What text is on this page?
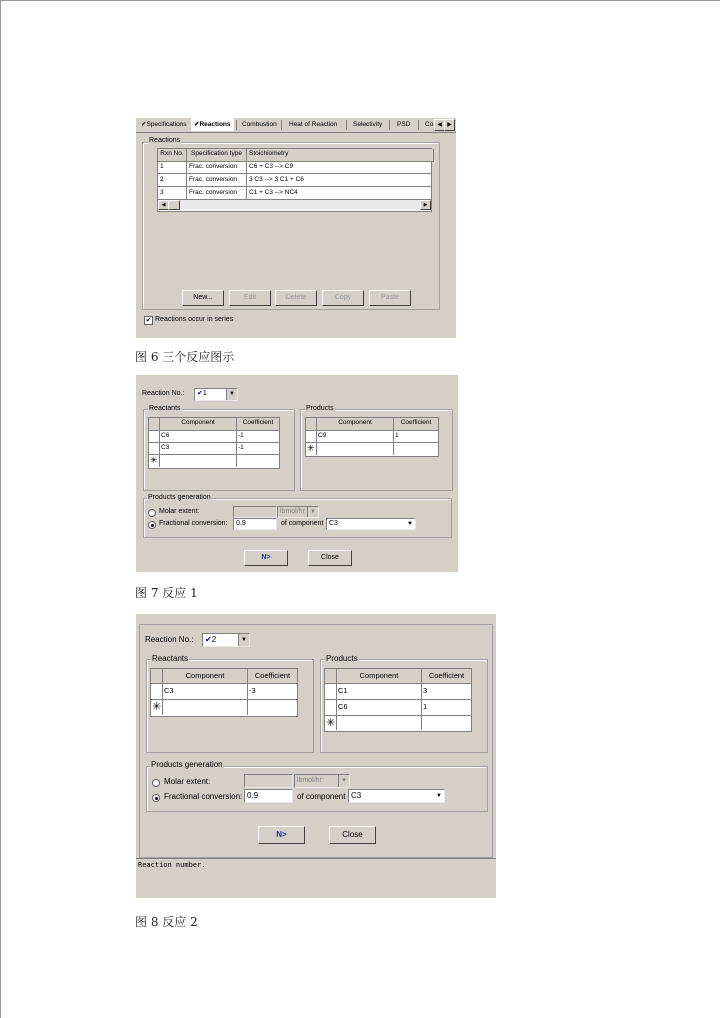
✔Specifications	✔Reactions	Combustion	Heat of Reaction	Selectivity	PSD	Co ◀ ▶
Reactions
Rxn No.	Specification type	Stoichiometry
1	Frac. conversion	C6 + C3 --> C9
2	Frac. conversion	3 C3 --> 3 C1 + C6
3	Frac. conversion	C1 + C3 --> NC4
◀	▶
New...	Edit	Delete	Copy	Paste
✔ Reactions occur in series
图 6 三个反应图示
Reaction No.:	✔1	▼
Reactants
Component	Coefficient
C6	-1
C3	-1
✳
Products
Component	Coefficient
C9	1
✳
Products generation
Molar extent:	lbmol/hr ▼
Fractional conversion:	0.9	of component C3	▼
N>	Close
图 7 反应 1
Reaction No.:	✔2	▼
Reactants
Component	Coefficient
C3	-3
✳
Products
Component	Coefficient
C1	3
C6	1
✳
Products generation
Molar extent:	lbmol/hr	▼
Fractional conversion: 0.9	of component C3	▼
N>	Close
Reaction number.
图 8 反应 2
